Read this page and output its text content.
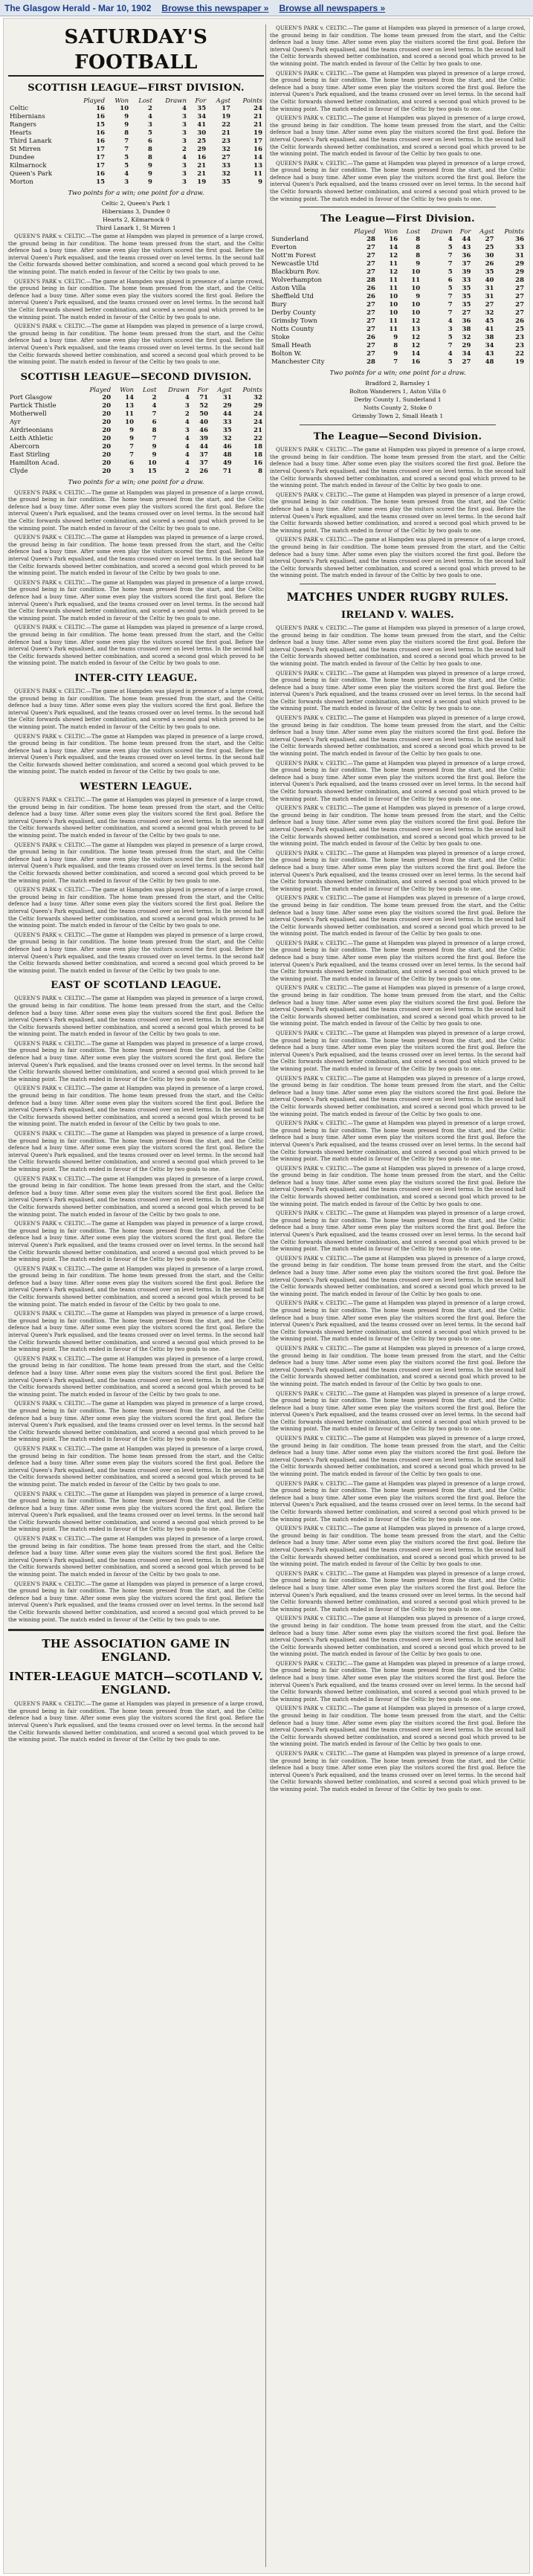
The Glasgow Herald - Mar 10, 1902 Browse this newspaper » Browse all newspapers »
SATURDAY'S FOOTBALL
SCOTTISH LEAGUE—FIRST DIVISION.
	Played	Won	Lost	Drawn	For	Agst	Points
Celtic	16	10	2	4	35	17	24
Hibernians	16	9	4	3	34	19	21
Rangers	15	9	3	3	41	22	21
Hearts	16	8	5	3	30	21	19
Third Lanark	16	7	6	3	25	23	17
St Mirren	17	7	8	2	29	32	16
Dundee	17	5	8	4	16	27	14
Kilmarnock	17	5	9	3	21	33	13
Queen's Park	16	4	9	3	21	32	11
Morton	15	3	9	3	19	35	9
Two points for a win; one point for a draw.
Celtic 2, Queen's Park 1
Hibernians 3, Dundee 0
Hearts 2, Kilmarnock 0
Third Lanark 1, St Mirren 1
QUEEN'S PARK v. CELTIC.—The game at Hampden was played in presence of a large crowd, the ground being in fair condition. The home team pressed from the start, and the Celtic defence had a busy time. After some even play the visitors scored the first goal. Before the interval Queen's Park equalised, and the teams crossed over on level terms. In the second half the Celtic forwards showed better combination, and scored a second goal which proved to be the winning point. The match ended in favour of the Celtic by two goals to one.
QUEEN'S PARK v. CELTIC.—The game at Hampden was played in presence of a large crowd, the ground being in fair condition. The home team pressed from the start, and the Celtic defence had a busy time. After some even play the visitors scored the first goal. Before the interval Queen's Park equalised, and the teams crossed over on level terms. In the second half the Celtic forwards showed better combination, and scored a second goal which proved to be the winning point. The match ended in favour of the Celtic by two goals to one.
QUEEN'S PARK v. CELTIC.—The game at Hampden was played in presence of a large crowd, the ground being in fair condition. The home team pressed from the start, and the Celtic defence had a busy time. After some even play the visitors scored the first goal. Before the interval Queen's Park equalised, and the teams crossed over on level terms. In the second half the Celtic forwards showed better combination, and scored a second goal which proved to be the winning point. The match ended in favour of the Celtic by two goals to one.
SCOTTISH LEAGUE—SECOND DIVISION.
	Played	Won	Lost	Drawn	For	Agst	Points
Port Glasgow	20	14	2	4	71	31	32
Partick Thistle	20	13	4	3	52	29	29
Motherwell	20	11	7	2	50	44	24
Ayr	20	10	6	4	40	33	24
Airdrieonians	20	9	8	3	46	35	21
Leith Athletic	20	9	7	4	39	32	22
Abercorn	20	7	9	4	44	46	18
East Stirling	20	7	9	4	37	48	18
Hamilton Acad.	20	6	10	4	37	49	16
Clyde	20	3	15	2	26	71	8
Two points for a win; one point for a draw.
QUEEN'S PARK v. CELTIC.—The game at Hampden was played in presence of a large crowd, the ground being in fair condition. The home team pressed from the start, and the Celtic defence had a busy time. After some even play the visitors scored the first goal. Before the interval Queen's Park equalised, and the teams crossed over on level terms. In the second half the Celtic forwards showed better combination, and scored a second goal which proved to be the winning point. The match ended in favour of the Celtic by two goals to one.
QUEEN'S PARK v. CELTIC.—The game at Hampden was played in presence of a large crowd, the ground being in fair condition. The home team pressed from the start, and the Celtic defence had a busy time. After some even play the visitors scored the first goal. Before the interval Queen's Park equalised, and the teams crossed over on level terms. In the second half the Celtic forwards showed better combination, and scored a second goal which proved to be the winning point. The match ended in favour of the Celtic by two goals to one.
QUEEN'S PARK v. CELTIC.—The game at Hampden was played in presence of a large crowd, the ground being in fair condition. The home team pressed from the start, and the Celtic defence had a busy time. After some even play the visitors scored the first goal. Before the interval Queen's Park equalised, and the teams crossed over on level terms. In the second half the Celtic forwards showed better combination, and scored a second goal which proved to be the winning point. The match ended in favour of the Celtic by two goals to one.
QUEEN'S PARK v. CELTIC.—The game at Hampden was played in presence of a large crowd, the ground being in fair condition. The home team pressed from the start, and the Celtic defence had a busy time. After some even play the visitors scored the first goal. Before the interval Queen's Park equalised, and the teams crossed over on level terms. In the second half the Celtic forwards showed better combination, and scored a second goal which proved to be the winning point. The match ended in favour of the Celtic by two goals to one.
INTER-CITY LEAGUE.
QUEEN'S PARK v. CELTIC.—The game at Hampden was played in presence of a large crowd, the ground being in fair condition. The home team pressed from the start, and the Celtic defence had a busy time. After some even play the visitors scored the first goal. Before the interval Queen's Park equalised, and the teams crossed over on level terms. In the second half the Celtic forwards showed better combination, and scored a second goal which proved to be the winning point. The match ended in favour of the Celtic by two goals to one.
QUEEN'S PARK v. CELTIC.—The game at Hampden was played in presence of a large crowd, the ground being in fair condition. The home team pressed from the start, and the Celtic defence had a busy time. After some even play the visitors scored the first goal. Before the interval Queen's Park equalised, and the teams crossed over on level terms. In the second half the Celtic forwards showed better combination, and scored a second goal which proved to be the winning point. The match ended in favour of the Celtic by two goals to one.
WESTERN LEAGUE.
QUEEN'S PARK v. CELTIC.—The game at Hampden was played in presence of a large crowd, the ground being in fair condition. The home team pressed from the start, and the Celtic defence had a busy time. After some even play the visitors scored the first goal. Before the interval Queen's Park equalised, and the teams crossed over on level terms. In the second half the Celtic forwards showed better combination, and scored a second goal which proved to be the winning point. The match ended in favour of the Celtic by two goals to one.
QUEEN'S PARK v. CELTIC.—The game at Hampden was played in presence of a large crowd, the ground being in fair condition. The home team pressed from the start, and the Celtic defence had a busy time. After some even play the visitors scored the first goal. Before the interval Queen's Park equalised, and the teams crossed over on level terms. In the second half the Celtic forwards showed better combination, and scored a second goal which proved to be the winning point. The match ended in favour of the Celtic by two goals to one.
QUEEN'S PARK v. CELTIC.—The game at Hampden was played in presence of a large crowd, the ground being in fair condition. The home team pressed from the start, and the Celtic defence had a busy time. After some even play the visitors scored the first goal. Before the interval Queen's Park equalised, and the teams crossed over on level terms. In the second half the Celtic forwards showed better combination, and scored a second goal which proved to be the winning point. The match ended in favour of the Celtic by two goals to one.
QUEEN'S PARK v. CELTIC.—The game at Hampden was played in presence of a large crowd, the ground being in fair condition. The home team pressed from the start, and the Celtic defence had a busy time. After some even play the visitors scored the first goal. Before the interval Queen's Park equalised, and the teams crossed over on level terms. In the second half the Celtic forwards showed better combination, and scored a second goal which proved to be the winning point. The match ended in favour of the Celtic by two goals to one.
EAST OF SCOTLAND LEAGUE.
QUEEN'S PARK v. CELTIC.—The game at Hampden was played in presence of a large crowd, the ground being in fair condition. The home team pressed from the start, and the Celtic defence had a busy time. After some even play the visitors scored the first goal. Before the interval Queen's Park equalised, and the teams crossed over on level terms. In the second half the Celtic forwards showed better combination, and scored a second goal which proved to be the winning point. The match ended in favour of the Celtic by two goals to one.
QUEEN'S PARK v. CELTIC.—The game at Hampden was played in presence of a large crowd, the ground being in fair condition. The home team pressed from the start, and the Celtic defence had a busy time. After some even play the visitors scored the first goal. Before the interval Queen's Park equalised, and the teams crossed over on level terms. In the second half the Celtic forwards showed better combination, and scored a second goal which proved to be the winning point. The match ended in favour of the Celtic by two goals to one.
QUEEN'S PARK v. CELTIC.—The game at Hampden was played in presence of a large crowd, the ground being in fair condition. The home team pressed from the start, and the Celtic defence had a busy time. After some even play the visitors scored the first goal. Before the interval Queen's Park equalised, and the teams crossed over on level terms. In the second half the Celtic forwards showed better combination, and scored a second goal which proved to be the winning point. The match ended in favour of the Celtic by two goals to one.
QUEEN'S PARK v. CELTIC.—The game at Hampden was played in presence of a large crowd, the ground being in fair condition. The home team pressed from the start, and the Celtic defence had a busy time. After some even play the visitors scored the first goal. Before the interval Queen's Park equalised, and the teams crossed over on level terms. In the second half the Celtic forwards showed better combination, and scored a second goal which proved to be the winning point. The match ended in favour of the Celtic by two goals to one.
QUEEN'S PARK v. CELTIC.—The game at Hampden was played in presence of a large crowd, the ground being in fair condition. The home team pressed from the start, and the Celtic defence had a busy time. After some even play the visitors scored the first goal. Before the interval Queen's Park equalised, and the teams crossed over on level terms. In the second half the Celtic forwards showed better combination, and scored a second goal which proved to be the winning point. The match ended in favour of the Celtic by two goals to one.
QUEEN'S PARK v. CELTIC.—The game at Hampden was played in presence of a large crowd, the ground being in fair condition. The home team pressed from the start, and the Celtic defence had a busy time. After some even play the visitors scored the first goal. Before the interval Queen's Park equalised, and the teams crossed over on level terms. In the second half the Celtic forwards showed better combination, and scored a second goal which proved to be the winning point. The match ended in favour of the Celtic by two goals to one.
QUEEN'S PARK v. CELTIC.—The game at Hampden was played in presence of a large crowd, the ground being in fair condition. The home team pressed from the start, and the Celtic defence had a busy time. After some even play the visitors scored the first goal. Before the interval Queen's Park equalised, and the teams crossed over on level terms. In the second half the Celtic forwards showed better combination, and scored a second goal which proved to be the winning point. The match ended in favour of the Celtic by two goals to one.
QUEEN'S PARK v. CELTIC.—The game at Hampden was played in presence of a large crowd, the ground being in fair condition. The home team pressed from the start, and the Celtic defence had a busy time. After some even play the visitors scored the first goal. Before the interval Queen's Park equalised, and the teams crossed over on level terms. In the second half the Celtic forwards showed better combination, and scored a second goal which proved to be the winning point. The match ended in favour of the Celtic by two goals to one.
QUEEN'S PARK v. CELTIC.—The game at Hampden was played in presence of a large crowd, the ground being in fair condition. The home team pressed from the start, and the Celtic defence had a busy time. After some even play the visitors scored the first goal. Before the interval Queen's Park equalised, and the teams crossed over on level terms. In the second half the Celtic forwards showed better combination, and scored a second goal which proved to be the winning point. The match ended in favour of the Celtic by two goals to one.
QUEEN'S PARK v. CELTIC.—The game at Hampden was played in presence of a large crowd, the ground being in fair condition. The home team pressed from the start, and the Celtic defence had a busy time. After some even play the visitors scored the first goal. Before the interval Queen's Park equalised, and the teams crossed over on level terms. In the second half the Celtic forwards showed better combination, and scored a second goal which proved to be the winning point. The match ended in favour of the Celtic by two goals to one.
QUEEN'S PARK v. CELTIC.—The game at Hampden was played in presence of a large crowd, the ground being in fair condition. The home team pressed from the start, and the Celtic defence had a busy time. After some even play the visitors scored the first goal. Before the interval Queen's Park equalised, and the teams crossed over on level terms. In the second half the Celtic forwards showed better combination, and scored a second goal which proved to be the winning point. The match ended in favour of the Celtic by two goals to one.
QUEEN'S PARK v. CELTIC.—The game at Hampden was played in presence of a large crowd, the ground being in fair condition. The home team pressed from the start, and the Celtic defence had a busy time. After some even play the visitors scored the first goal. Before the interval Queen's Park equalised, and the teams crossed over on level terms. In the second half the Celtic forwards showed better combination, and scored a second goal which proved to be the winning point. The match ended in favour of the Celtic by two goals to one.
QUEEN'S PARK v. CELTIC.—The game at Hampden was played in presence of a large crowd, the ground being in fair condition. The home team pressed from the start, and the Celtic defence had a busy time. After some even play the visitors scored the first goal. Before the interval Queen's Park equalised, and the teams crossed over on level terms. In the second half the Celtic forwards showed better combination, and scored a second goal which proved to be the winning point. The match ended in favour of the Celtic by two goals to one.
QUEEN'S PARK v. CELTIC.—The game at Hampden was played in presence of a large crowd, the ground being in fair condition. The home team pressed from the start, and the Celtic defence had a busy time. After some even play the visitors scored the first goal. Before the interval Queen's Park equalised, and the teams crossed over on level terms. In the second half the Celtic forwards showed better combination, and scored a second goal which proved to be the winning point. The match ended in favour of the Celtic by two goals to one.
THE ASSOCIATION GAME IN ENGLAND.
INTER-LEAGUE MATCH—SCOTLAND V. ENGLAND.
QUEEN'S PARK v. CELTIC.—The game at Hampden was played in presence of a large crowd, the ground being in fair condition. The home team pressed from the start, and the Celtic defence had a busy time. After some even play the visitors scored the first goal. Before the interval Queen's Park equalised, and the teams crossed over on level terms. In the second half the Celtic forwards showed better combination, and scored a second goal which proved to be the winning point. The match ended in favour of the Celtic by two goals to one.
QUEEN'S PARK v. CELTIC.—The game at Hampden was played in presence of a large crowd, the ground being in fair condition. The home team pressed from the start, and the Celtic defence had a busy time. After some even play the visitors scored the first goal. Before the interval Queen's Park equalised, and the teams crossed over on level terms. In the second half the Celtic forwards showed better combination, and scored a second goal which proved to be the winning point. The match ended in favour of the Celtic by two goals to one.
QUEEN'S PARK v. CELTIC.—The game at Hampden was played in presence of a large crowd, the ground being in fair condition. The home team pressed from the start, and the Celtic defence had a busy time. After some even play the visitors scored the first goal. Before the interval Queen's Park equalised, and the teams crossed over on level terms. In the second half the Celtic forwards showed better combination, and scored a second goal which proved to be the winning point. The match ended in favour of the Celtic by two goals to one.
QUEEN'S PARK v. CELTIC.—The game at Hampden was played in presence of a large crowd, the ground being in fair condition. The home team pressed from the start, and the Celtic defence had a busy time. After some even play the visitors scored the first goal. Before the interval Queen's Park equalised, and the teams crossed over on level terms. In the second half the Celtic forwards showed better combination, and scored a second goal which proved to be the winning point. The match ended in favour of the Celtic by two goals to one.
QUEEN'S PARK v. CELTIC.—The game at Hampden was played in presence of a large crowd, the ground being in fair condition. The home team pressed from the start, and the Celtic defence had a busy time. After some even play the visitors scored the first goal. Before the interval Queen's Park equalised, and the teams crossed over on level terms. In the second half the Celtic forwards showed better combination, and scored a second goal which proved to be the winning point. The match ended in favour of the Celtic by two goals to one.
The League—First Division.
	Played	Won	Lost	Drawn	For	Agst	Points
Sunderland	28	16	8	4	44	27	36
Everton	27	14	8	5	43	25	33
Nott'm Forest	27	12	8	7	36	30	31
Newcastle Utd	27	11	9	7	37	26	29
Blackburn Rov.	27	12	10	5	39	35	29
Wolverhampton	28	11	11	6	33	40	28
Aston Villa	26	11	10	5	35	31	27
Sheffield Utd	26	10	9	7	35	31	27
Bury	27	10	10	7	35	27	27
Derby County	27	10	10	7	27	32	27
Grimsby Town	27	11	12	4	36	45	26
Notts County	27	11	13	3	38	41	25
Stoke	26	9	12	5	32	38	23
Small Heath	27	8	12	7	29	34	23
Bolton W.	27	9	14	4	34	43	22
Manchester City	28	7	16	5	27	48	19
Two points for a win; one point for a draw.
Bradford 2, Barnsley 1
Bolton Wanderers 1, Aston Villa 0
Derby County 1, Sunderland 1
Notts County 2, Stoke 0
Grimsby Town 2, Small Heath 1
The League—Second Division.
QUEEN'S PARK v. CELTIC.—The game at Hampden was played in presence of a large crowd, the ground being in fair condition. The home team pressed from the start, and the Celtic defence had a busy time. After some even play the visitors scored the first goal. Before the interval Queen's Park equalised, and the teams crossed over on level terms. In the second half the Celtic forwards showed better combination, and scored a second goal which proved to be the winning point. The match ended in favour of the Celtic by two goals to one.
QUEEN'S PARK v. CELTIC.—The game at Hampden was played in presence of a large crowd, the ground being in fair condition. The home team pressed from the start, and the Celtic defence had a busy time. After some even play the visitors scored the first goal. Before the interval Queen's Park equalised, and the teams crossed over on level terms. In the second half the Celtic forwards showed better combination, and scored a second goal which proved to be the winning point. The match ended in favour of the Celtic by two goals to one.
QUEEN'S PARK v. CELTIC.—The game at Hampden was played in presence of a large crowd, the ground being in fair condition. The home team pressed from the start, and the Celtic defence had a busy time. After some even play the visitors scored the first goal. Before the interval Queen's Park equalised, and the teams crossed over on level terms. In the second half the Celtic forwards showed better combination, and scored a second goal which proved to be the winning point. The match ended in favour of the Celtic by two goals to one.
MATCHES UNDER RUGBY RULES.
IRELAND V. WALES.
QUEEN'S PARK v. CELTIC.—The game at Hampden was played in presence of a large crowd, the ground being in fair condition. The home team pressed from the start, and the Celtic defence had a busy time. After some even play the visitors scored the first goal. Before the interval Queen's Park equalised, and the teams crossed over on level terms. In the second half the Celtic forwards showed better combination, and scored a second goal which proved to be the winning point. The match ended in favour of the Celtic by two goals to one.
QUEEN'S PARK v. CELTIC.—The game at Hampden was played in presence of a large crowd, the ground being in fair condition. The home team pressed from the start, and the Celtic defence had a busy time. After some even play the visitors scored the first goal. Before the interval Queen's Park equalised, and the teams crossed over on level terms. In the second half the Celtic forwards showed better combination, and scored a second goal which proved to be the winning point. The match ended in favour of the Celtic by two goals to one.
QUEEN'S PARK v. CELTIC.—The game at Hampden was played in presence of a large crowd, the ground being in fair condition. The home team pressed from the start, and the Celtic defence had a busy time. After some even play the visitors scored the first goal. Before the interval Queen's Park equalised, and the teams crossed over on level terms. In the second half the Celtic forwards showed better combination, and scored a second goal which proved to be the winning point. The match ended in favour of the Celtic by two goals to one.
QUEEN'S PARK v. CELTIC.—The game at Hampden was played in presence of a large crowd, the ground being in fair condition. The home team pressed from the start, and the Celtic defence had a busy time. After some even play the visitors scored the first goal. Before the interval Queen's Park equalised, and the teams crossed over on level terms. In the second half the Celtic forwards showed better combination, and scored a second goal which proved to be the winning point. The match ended in favour of the Celtic by two goals to one.
QUEEN'S PARK v. CELTIC.—The game at Hampden was played in presence of a large crowd, the ground being in fair condition. The home team pressed from the start, and the Celtic defence had a busy time. After some even play the visitors scored the first goal. Before the interval Queen's Park equalised, and the teams crossed over on level terms. In the second half the Celtic forwards showed better combination, and scored a second goal which proved to be the winning point. The match ended in favour of the Celtic by two goals to one.
QUEEN'S PARK v. CELTIC.—The game at Hampden was played in presence of a large crowd, the ground being in fair condition. The home team pressed from the start, and the Celtic defence had a busy time. After some even play the visitors scored the first goal. Before the interval Queen's Park equalised, and the teams crossed over on level terms. In the second half the Celtic forwards showed better combination, and scored a second goal which proved to be the winning point. The match ended in favour of the Celtic by two goals to one.
QUEEN'S PARK v. CELTIC.—The game at Hampden was played in presence of a large crowd, the ground being in fair condition. The home team pressed from the start, and the Celtic defence had a busy time. After some even play the visitors scored the first goal. Before the interval Queen's Park equalised, and the teams crossed over on level terms. In the second half the Celtic forwards showed better combination, and scored a second goal which proved to be the winning point. The match ended in favour of the Celtic by two goals to one.
QUEEN'S PARK v. CELTIC.—The game at Hampden was played in presence of a large crowd, the ground being in fair condition. The home team pressed from the start, and the Celtic defence had a busy time. After some even play the visitors scored the first goal. Before the interval Queen's Park equalised, and the teams crossed over on level terms. In the second half the Celtic forwards showed better combination, and scored a second goal which proved to be the winning point. The match ended in favour of the Celtic by two goals to one.
QUEEN'S PARK v. CELTIC.—The game at Hampden was played in presence of a large crowd, the ground being in fair condition. The home team pressed from the start, and the Celtic defence had a busy time. After some even play the visitors scored the first goal. Before the interval Queen's Park equalised, and the teams crossed over on level terms. In the second half the Celtic forwards showed better combination, and scored a second goal which proved to be the winning point. The match ended in favour of the Celtic by two goals to one.
QUEEN'S PARK v. CELTIC.—The game at Hampden was played in presence of a large crowd, the ground being in fair condition. The home team pressed from the start, and the Celtic defence had a busy time. After some even play the visitors scored the first goal. Before the interval Queen's Park equalised, and the teams crossed over on level terms. In the second half the Celtic forwards showed better combination, and scored a second goal which proved to be the winning point. The match ended in favour of the Celtic by two goals to one.
QUEEN'S PARK v. CELTIC.—The game at Hampden was played in presence of a large crowd, the ground being in fair condition. The home team pressed from the start, and the Celtic defence had a busy time. After some even play the visitors scored the first goal. Before the interval Queen's Park equalised, and the teams crossed over on level terms. In the second half the Celtic forwards showed better combination, and scored a second goal which proved to be the winning point. The match ended in favour of the Celtic by two goals to one.
QUEEN'S PARK v. CELTIC.—The game at Hampden was played in presence of a large crowd, the ground being in fair condition. The home team pressed from the start, and the Celtic defence had a busy time. After some even play the visitors scored the first goal. Before the interval Queen's Park equalised, and the teams crossed over on level terms. In the second half the Celtic forwards showed better combination, and scored a second goal which proved to be the winning point. The match ended in favour of the Celtic by two goals to one.
QUEEN'S PARK v. CELTIC.—The game at Hampden was played in presence of a large crowd, the ground being in fair condition. The home team pressed from the start, and the Celtic defence had a busy time. After some even play the visitors scored the first goal. Before the interval Queen's Park equalised, and the teams crossed over on level terms. In the second half the Celtic forwards showed better combination, and scored a second goal which proved to be the winning point. The match ended in favour of the Celtic by two goals to one.
QUEEN'S PARK v. CELTIC.—The game at Hampden was played in presence of a large crowd, the ground being in fair condition. The home team pressed from the start, and the Celtic defence had a busy time. After some even play the visitors scored the first goal. Before the interval Queen's Park equalised, and the teams crossed over on level terms. In the second half the Celtic forwards showed better combination, and scored a second goal which proved to be the winning point. The match ended in favour of the Celtic by two goals to one.
QUEEN'S PARK v. CELTIC.—The game at Hampden was played in presence of a large crowd, the ground being in fair condition. The home team pressed from the start, and the Celtic defence had a busy time. After some even play the visitors scored the first goal. Before the interval Queen's Park equalised, and the teams crossed over on level terms. In the second half the Celtic forwards showed better combination, and scored a second goal which proved to be the winning point. The match ended in favour of the Celtic by two goals to one.
QUEEN'S PARK v. CELTIC.—The game at Hampden was played in presence of a large crowd, the ground being in fair condition. The home team pressed from the start, and the Celtic defence had a busy time. After some even play the visitors scored the first goal. Before the interval Queen's Park equalised, and the teams crossed over on level terms. In the second half the Celtic forwards showed better combination, and scored a second goal which proved to be the winning point. The match ended in favour of the Celtic by two goals to one.
QUEEN'S PARK v. CELTIC.—The game at Hampden was played in presence of a large crowd, the ground being in fair condition. The home team pressed from the start, and the Celtic defence had a busy time. After some even play the visitors scored the first goal. Before the interval Queen's Park equalised, and the teams crossed over on level terms. In the second half the Celtic forwards showed better combination, and scored a second goal which proved to be the winning point. The match ended in favour of the Celtic by two goals to one.
QUEEN'S PARK v. CELTIC.—The game at Hampden was played in presence of a large crowd, the ground being in fair condition. The home team pressed from the start, and the Celtic defence had a busy time. After some even play the visitors scored the first goal. Before the interval Queen's Park equalised, and the teams crossed over on level terms. In the second half the Celtic forwards showed better combination, and scored a second goal which proved to be the winning point. The match ended in favour of the Celtic by two goals to one.
QUEEN'S PARK v. CELTIC.—The game at Hampden was played in presence of a large crowd, the ground being in fair condition. The home team pressed from the start, and the Celtic defence had a busy time. After some even play the visitors scored the first goal. Before the interval Queen's Park equalised, and the teams crossed over on level terms. In the second half the Celtic forwards showed better combination, and scored a second goal which proved to be the winning point. The match ended in favour of the Celtic by two goals to one.
QUEEN'S PARK v. CELTIC.—The game at Hampden was played in presence of a large crowd, the ground being in fair condition. The home team pressed from the start, and the Celtic defence had a busy time. After some even play the visitors scored the first goal. Before the interval Queen's Park equalised, and the teams crossed over on level terms. In the second half the Celtic forwards showed better combination, and scored a second goal which proved to be the winning point. The match ended in favour of the Celtic by two goals to one.
QUEEN'S PARK v. CELTIC.—The game at Hampden was played in presence of a large crowd, the ground being in fair condition. The home team pressed from the start, and the Celtic defence had a busy time. After some even play the visitors scored the first goal. Before the interval Queen's Park equalised, and the teams crossed over on level terms. In the second half the Celtic forwards showed better combination, and scored a second goal which proved to be the winning point. The match ended in favour of the Celtic by two goals to one.
QUEEN'S PARK v. CELTIC.—The game at Hampden was played in presence of a large crowd, the ground being in fair condition. The home team pressed from the start, and the Celtic defence had a busy time. After some even play the visitors scored the first goal. Before the interval Queen's Park equalised, and the teams crossed over on level terms. In the second half the Celtic forwards showed better combination, and scored a second goal which proved to be the winning point. The match ended in favour of the Celtic by two goals to one.
QUEEN'S PARK v. CELTIC.—The game at Hampden was played in presence of a large crowd, the ground being in fair condition. The home team pressed from the start, and the Celtic defence had a busy time. After some even play the visitors scored the first goal. Before the interval Queen's Park equalised, and the teams crossed over on level terms. In the second half the Celtic forwards showed better combination, and scored a second goal which proved to be the winning point. The match ended in favour of the Celtic by two goals to one.
QUEEN'S PARK v. CELTIC.—The game at Hampden was played in presence of a large crowd, the ground being in fair condition. The home team pressed from the start, and the Celtic defence had a busy time. After some even play the visitors scored the first goal. Before the interval Queen's Park equalised, and the teams crossed over on level terms. In the second half the Celtic forwards showed better combination, and scored a second goal which proved to be the winning point. The match ended in favour of the Celtic by two goals to one.
QUEEN'S PARK v. CELTIC.—The game at Hampden was played in presence of a large crowd, the ground being in fair condition. The home team pressed from the start, and the Celtic defence had a busy time. After some even play the visitors scored the first goal. Before the interval Queen's Park equalised, and the teams crossed over on level terms. In the second half the Celtic forwards showed better combination, and scored a second goal which proved to be the winning point. The match ended in favour of the Celtic by two goals to one.
QUEEN'S PARK v. CELTIC.—The game at Hampden was played in presence of a large crowd, the ground being in fair condition. The home team pressed from the start, and the Celtic defence had a busy time. After some even play the visitors scored the first goal. Before the interval Queen's Park equalised, and the teams crossed over on level terms. In the second half the Celtic forwards showed better combination, and scored a second goal which proved to be the winning point. The match ended in favour of the Celtic by two goals to one.
